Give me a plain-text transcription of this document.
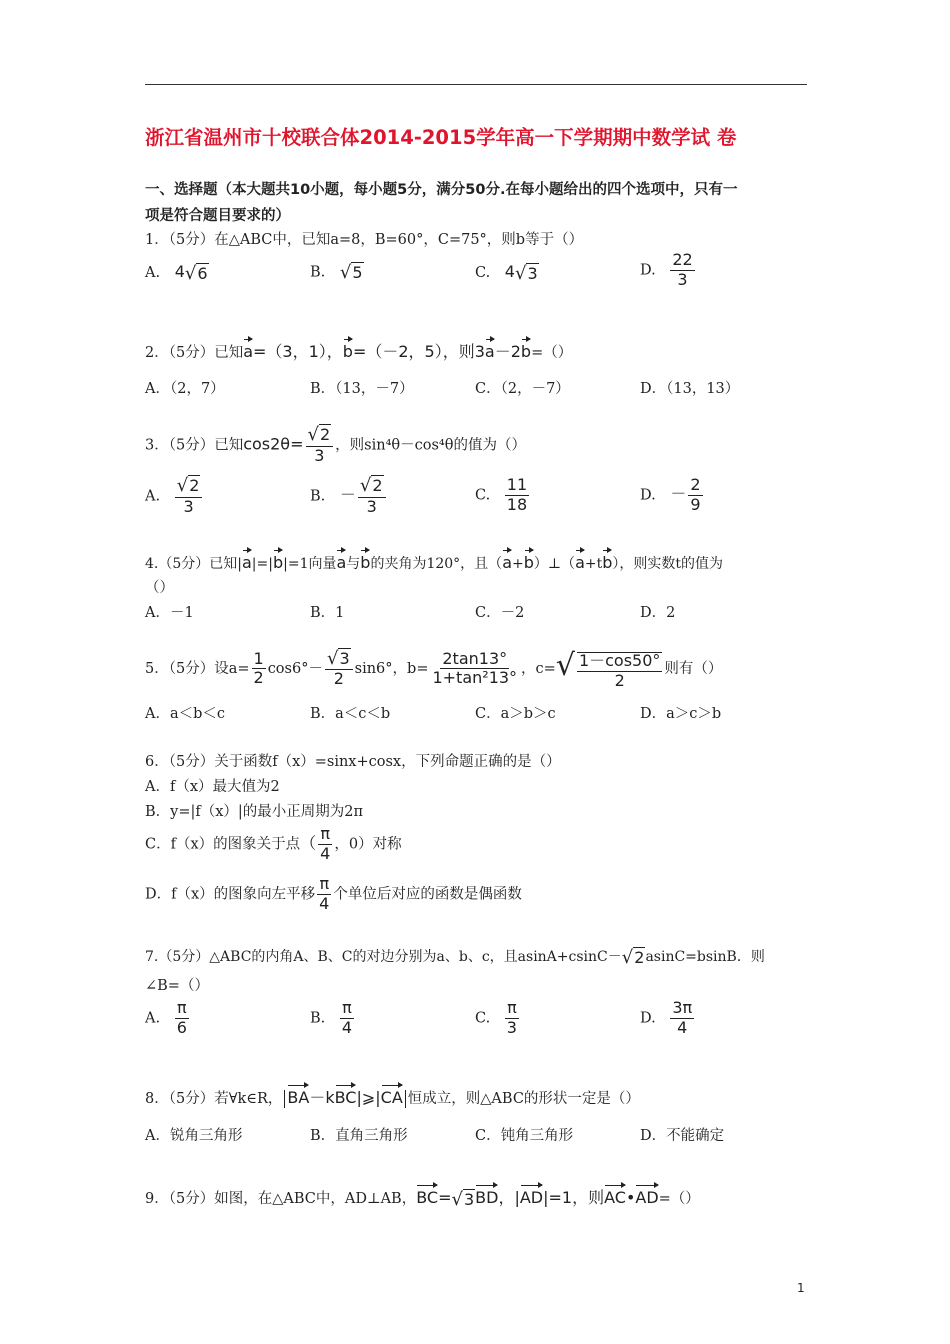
浙江省温州市十校联合体2014-2015学年高一下学期期中数学试 卷
一、选择题（本大题共10小题，每小题5分，满分50分.在每小题给出的四个选项中，只有一
项是符合题目要求的）
1．（5分）在△ABC中，已知a=8，B=60°，C=75°，则b等于（）
A. 4√6	B. √5	C. 4√3	D. $\frac{22}{3}$
2．（5分）已知a=（3，1），b=（－2，5），则3a－2b=（）
A．（2，7）	B．（13，－7）	C．（2，－7）	D．（13，13）
3．（5分）已知$\cos 2\theta= \frac{√2}{3}$ ，则sin⁴θ－cos⁴θ的值为（）
A. $\frac{√2}{3}$	B. － $\frac{√2}{3}$	C. $\frac{11}{18}$	D. － $\frac{2}{9}$
4.（5分）已知|a|=|b|=1向量a与b的夹角为120°，且（a+b）⊥（a+tb），则实数t的值为
（）
A．－1	B．1	C．－2	D．2
5．（5分）设$a= \frac{1}{2} \cos 6^\circ- \frac{√3}{2} \sin 6^\circ$，$b= \frac{2\tan 13^\circ}{\text{1+tan²13°}}$ ，$c=√ \frac{1-\cos 50^\circ}{2}$ 则有（）
A．a＜b＜c	B．a＜c＜b	C．a＞b＞c	D．a＞c＞b
6．（5分）关于函数f（x）=sinx+cosx，下列命题正确的是（）
A．f（x）最大值为2
B．y=|f（x）|的最小正周期为2π
C．f（x）的图象关于点（ $\frac{\pi}{4}$ ，0）对称
D．f（x）的图象向左平移 $\frac{\pi}{4}$ 个单位后对应的函数是偶函数
7.（5分）△ABC的内角A、B、C的对边分别为a、b、c，且asinA+csinC－√2asinC=bsinB．则
∠B=（）
A. $\frac{\pi}{6}$	B. $\frac{\pi}{4}$	C. $\frac{\pi}{3}$	D. $\frac{3\pi}{4}$
8．（5分）若∀k∈R， BA－kBC|⩾|CA 恒成立，则△ABC的形状一定是（）
A．锐角三角形	B．直角三角形	C．钝角三角形	D．不能确定
9．（5分）如图，在△ABC中，AD⊥AB，BC=√3BD，|AD|=1，则AC•AD=（）
1
